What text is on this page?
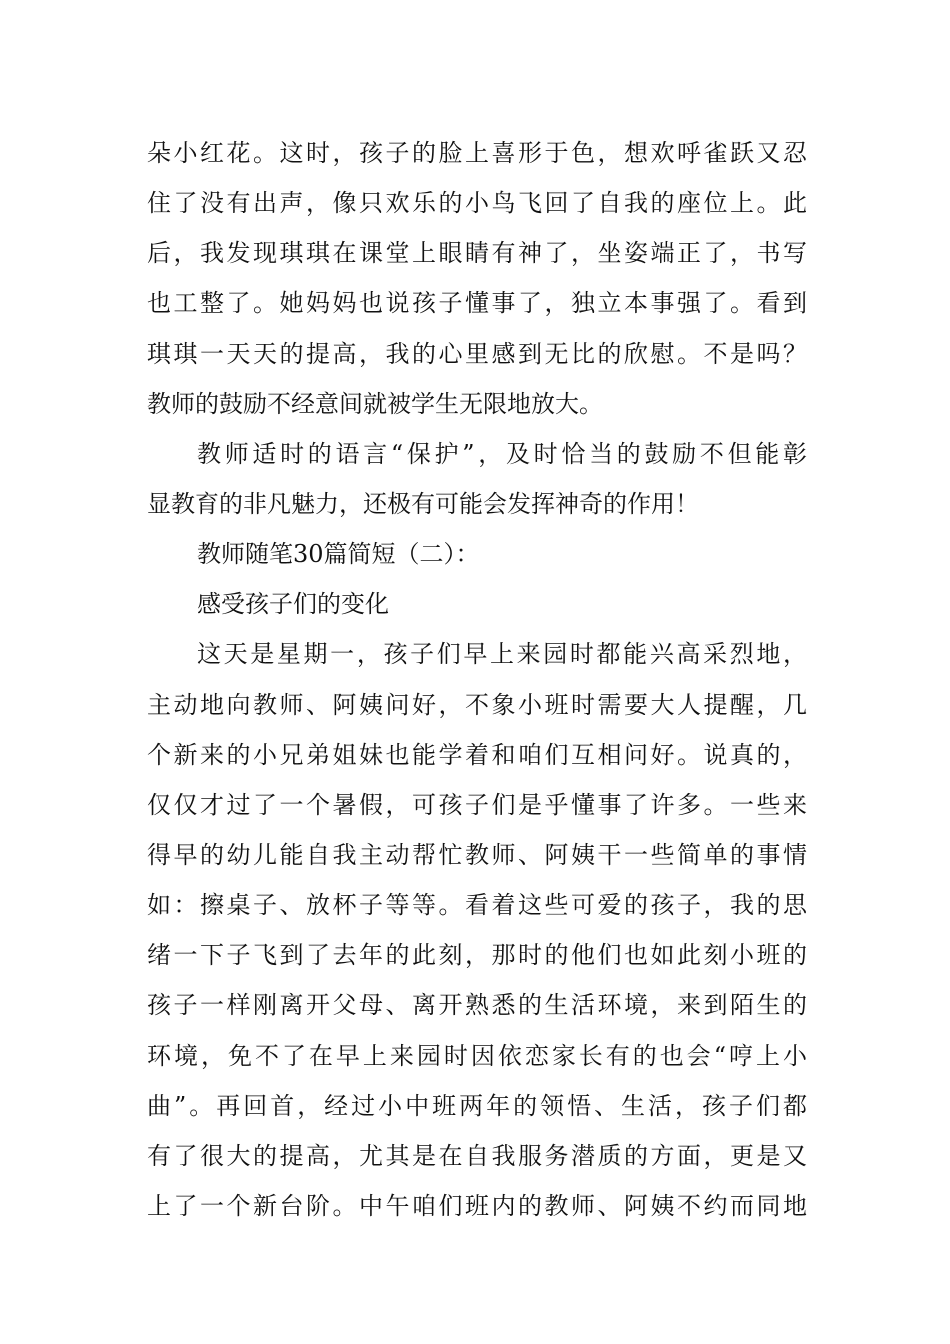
朵小红花。这时，孩子的脸上喜形于色，想欢呼雀跃又忍
住了没有出声，像只欢乐的小鸟飞回了自我的座位上。此
后，我发现琪琪在课堂上眼睛有神了，坐姿端正了，书写
也工整了。她妈妈也说孩子懂事了，独立本事强了。看到
琪琪一天天的提高，我的心里感到无比的欣慰。不是吗？
教师的鼓励不经意间就被学生无限地放大。
教师适时的语言“保护”，及时恰当的鼓励不但能彰
显教育的非凡魅力，还极有可能会发挥神奇的作用！
教师随笔30篇简短（二）：
感受孩子们的变化
这天是星期一，孩子们早上来园时都能兴高采烈地，
主动地向教师、阿姨问好，不象小班时需要大人提醒，几
个新来的小兄弟姐妹也能学着和咱们互相问好。说真的，
仅仅才过了一个暑假，可孩子们是乎懂事了许多。一些来
得早的幼儿能自我主动帮忙教师、阿姨干一些简单的事情
如：擦桌子、放杯子等等。看着这些可爱的孩子，我的思
绪一下子飞到了去年的此刻，那时的他们也如此刻小班的
孩子一样刚离开父母、离开熟悉的生活环境，来到陌生的
环境，免不了在早上来园时因依恋家长有的也会“哼上小
曲”。再回首，经过小中班两年的领悟、生活，孩子们都
有了很大的提高，尤其是在自我服务潜质的方面，更是又
上了一个新台阶。中午咱们班内的教师、阿姨不约而同地
